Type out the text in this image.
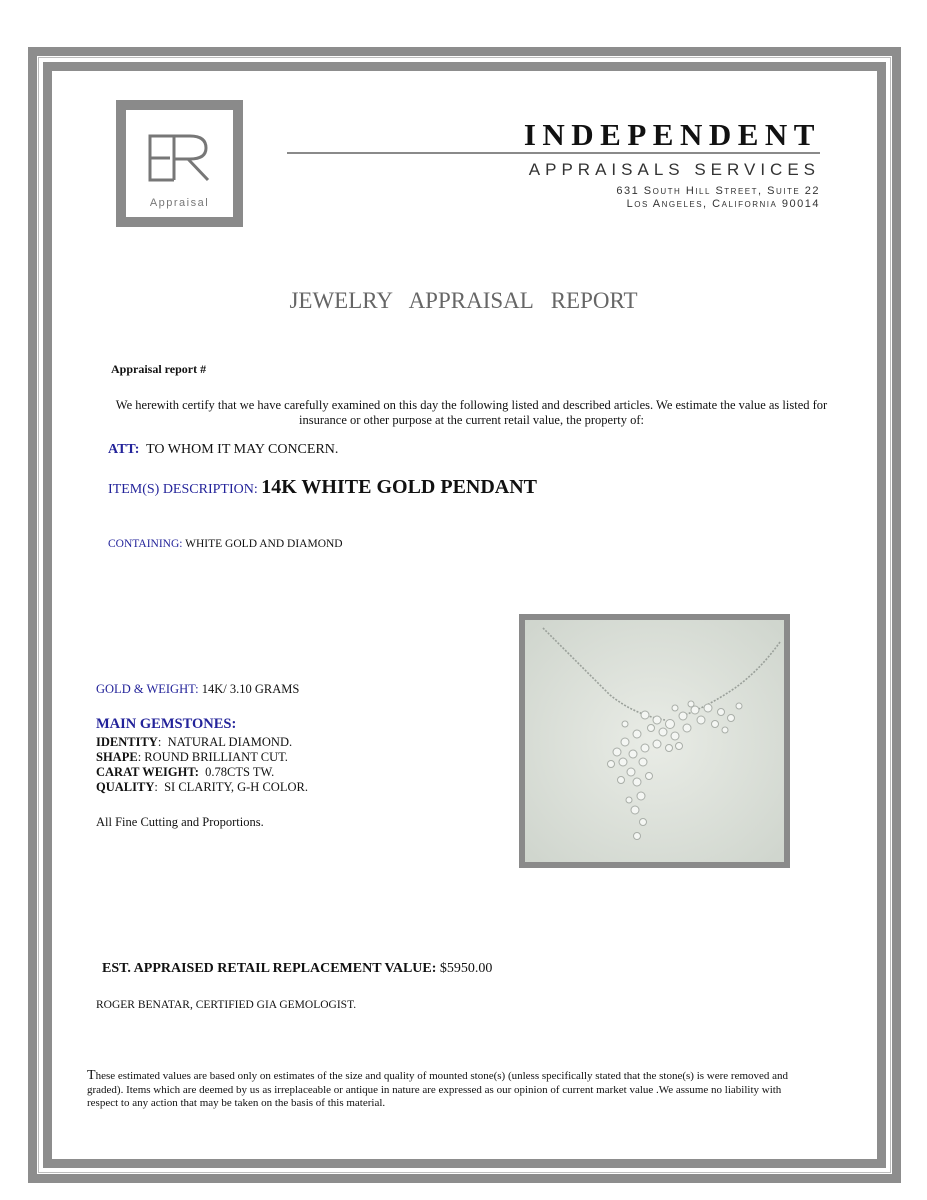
Appraisal
INDEPENDENT
APPRAISALS SERVICES
631 South Hill Street, Suite 22
Los Angeles, California 90014
JEWELRY APPRAISAL REPORT
Appraisal report #
We herewith certify that we have carefully examined on this day the following listed and described articles. We estimate the value as listed for insurance or other purpose at the current retail value, the property of:
ATT: TO WHOM IT MAY CONCERN.
ITEM(S) DESCRIPTION: 14K WHITE GOLD PENDANT
CONTAINING: WHITE GOLD AND DIAMOND
GOLD & WEIGHT: 14K/ 3.10 GRAMS
MAIN GEMSTONES:
IDENTITY:  NATURAL DIAMOND.
SHAPE: ROUND BRILLIANT CUT.
CARAT WEIGHT: 0.78CTS TW.
QUALITY:  SI CLARITY, G-H COLOR.
All Fine Cutting and Proportions.
EST. APPRAISED RETAIL REPLACEMENT VALUE: $5950.00
ROGER BENATAR, CERTIFIED GIA GEMOLOGIST.
These estimated values are based only on estimates of the size and quality of mounted stone(s) (unless specifically stated that the stone(s) is were removed and graded). Items which are deemed by us as irreplaceable or antique in nature are expressed as our opinion of current market value .We assume no liability with respect to any action that may be taken on the basis of this material.
